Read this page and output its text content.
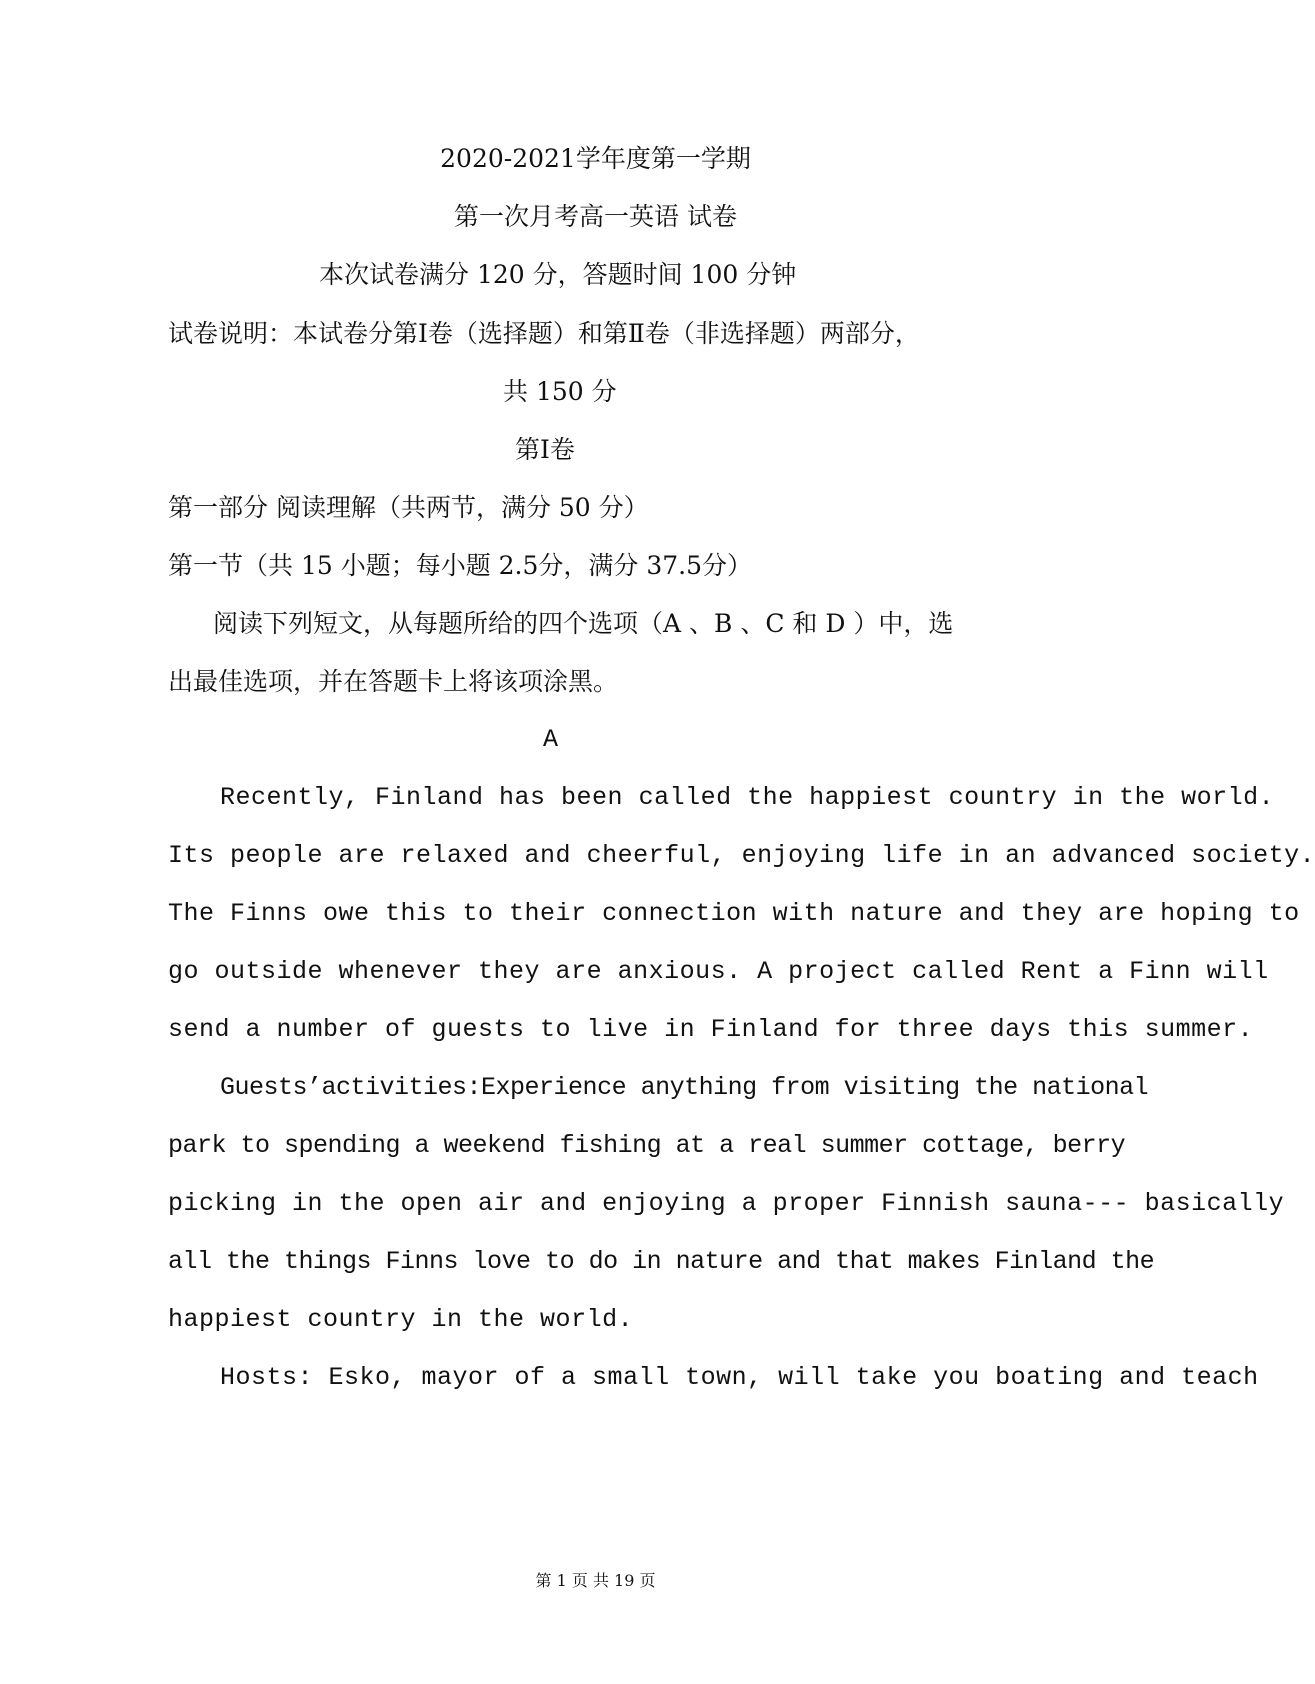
2020-2021学年度第一学期
第一次月考高一英语 试卷
本次试卷满分 120 分，答题时间 100 分钟
试卷说明：本试卷分第Ⅰ卷（选择题）和第Ⅱ卷（非选择题）两部分，
共 150 分
第Ⅰ卷
第一部分 阅读理解（共两节，满分 50 分）
第一节（共 15 小题；每小题 2.5分，满分 37.5分）
阅读下列短文，从每题所给的四个选项（A 、B 、C 和 D ）中，选
出最佳选项，并在答题卡上将该项涂黑。
A
Recently, Finland has been called the happiest country in the world.
Its people are relaxed and cheerful, enjoying life in an advanced society.
The Finns owe this to their connection with nature and they are hoping to
go outside whenever they are anxious. A project called Rent a Finn will
send a number of guests to live in Finland for three days this summer.
Guests’activities:Experience anything from visiting the national
park to spending a weekend fishing at a real summer cottage, berry
picking in the open air and enjoying a proper Finnish sauna--- basically
all the things Finns love to do in nature and that makes Finland the
happiest country in the world.
Hosts: Esko, mayor of a small town, will take you boating and teach
第 1 页 共 19 页
